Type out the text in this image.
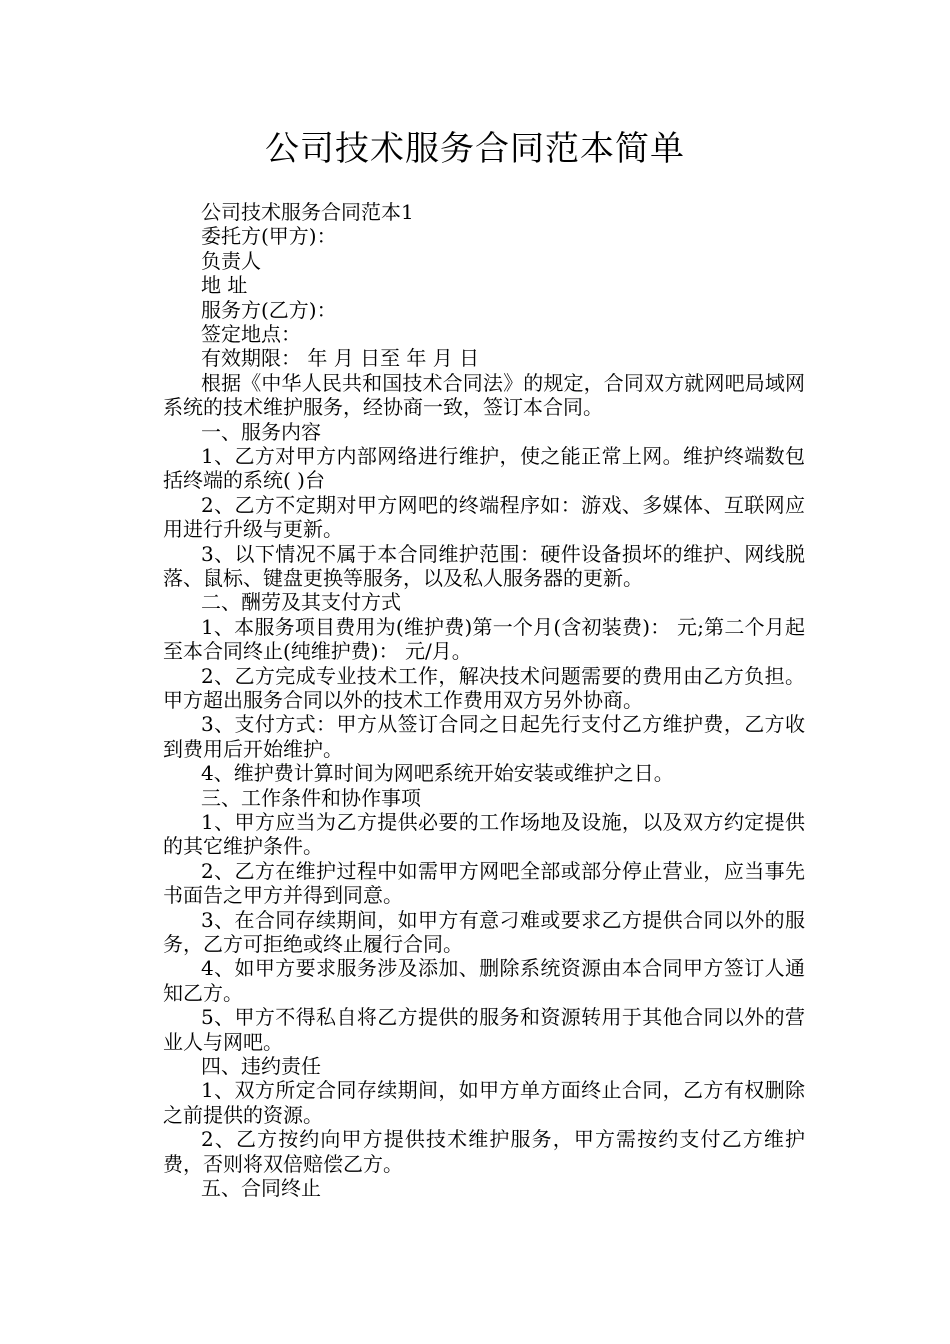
公司技术服务合同范本简单
公司技术服务合同范本1
委托方(甲方)：
负责人
地 址
服务方(乙方)：
签定地点：
有效期限： 年 月 日至 年 月 日
根据《中华人民共和国技术合同法》的规定，合同双方就网吧局域网系统的技术维护服务，经协商一致，签订本合同。
一、服务内容
1、乙方对甲方内部网络进行维护，使之能正常上网。维护终端数包括终端的系统( )台
2、乙方不定期对甲方网吧的终端程序如：游戏、多媒体、互联网应用进行升级与更新。
3、以下情况不属于本合同维护范围：硬件设备损坏的维护、网线脱落、鼠标、键盘更换等服务，以及私人服务器的更新。
二、酬劳及其支付方式
1、本服务项目费用为(维护费)第一个月(含初装费)： 元;第二个月起至本合同终止(纯维护费)： 元/月。
2、乙方完成专业技术工作，解决技术问题需要的费用由乙方负担。甲方超出服务合同以外的技术工作费用双方另外协商。
3、支付方式：甲方从签订合同之日起先行支付乙方维护费，乙方收到费用后开始维护。
4、维护费计算时间为网吧系统开始安装或维护之日。
三、工作条件和协作事项
1、甲方应当为乙方提供必要的工作场地及设施，以及双方约定提供的其它维护条件。
2、乙方在维护过程中如需甲方网吧全部或部分停止营业，应当事先书面告之甲方并得到同意。
3、在合同存续期间，如甲方有意刁难或要求乙方提供合同以外的服务，乙方可拒绝或终止履行合同。
4、如甲方要求服务涉及添加、删除系统资源由本合同甲方签订人通知乙方。
5、甲方不得私自将乙方提供的服务和资源转用于其他合同以外的营业人与网吧。
四、违约责任
1、双方所定合同存续期间，如甲方单方面终止合同，乙方有权删除之前提供的资源。
2、乙方按约向甲方提供技术维护服务，甲方需按约支付乙方维护费，否则将双倍赔偿乙方。
五、合同终止
